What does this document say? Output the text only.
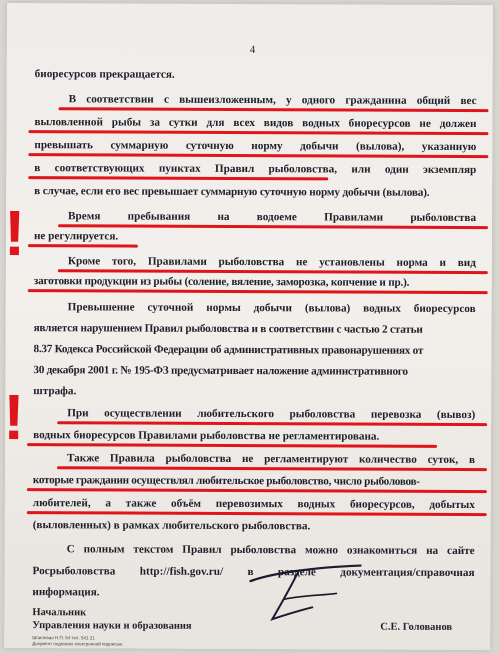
4
биоресурсов прекращается.
В соответствии с вышеизложенным, у одного гражданина общий вес
выловленной рыбы за сутки для всех видов водных биоресурсов не должен
превышать суммарную суточную норму добычи (вылова), указанную
в соответствующих пунктах Правил рыболовства, или один экземпляр
в случае, если его вес превышает суммарную суточную норму добычи (вылова).
Время пребывания на водоеме Правилами рыболовства
не регулируется.
Кроме того, Правилами рыболовства не установлены норма и вид
заготовки продукции из рыбы (соление, вяление, заморозка, копчение и пр.).
Превышение суточной нормы добычи (вылова) водных биоресурсов
является нарушением Правил рыболовства и в соответствии с частью 2 статьи
8.37 Кодекса Российской Федерации об административных правонарушениях от
30 декабря 2001 г. № 195-ФЗ предусматривает наложение административного
штрафа.
При осуществлении любительского рыболовства перевозка (вывоз)
водных биоресурсов Правилами рыболовства не регламентирована.
Также Правила рыболовства не регламентируют количество суток, в
которые гражданин осуществлял любительское рыболовство, число рыболовов-
любителей, а также объём перевозимых водных биоресурсов, добытых
(выловленных) в рамках любительского рыболовства.
С полным текстом Правил рыболовства можно ознакомиться на сайте
Росрыболовства http://fish.gov.ru/ в разделе документация/справочная
информация.
!
!
Начальник
Управления науки и образования	С.Е. Голованов
Шпилевая Н.П. 54 тел. 541 21
Документ подписан электронной подписью
